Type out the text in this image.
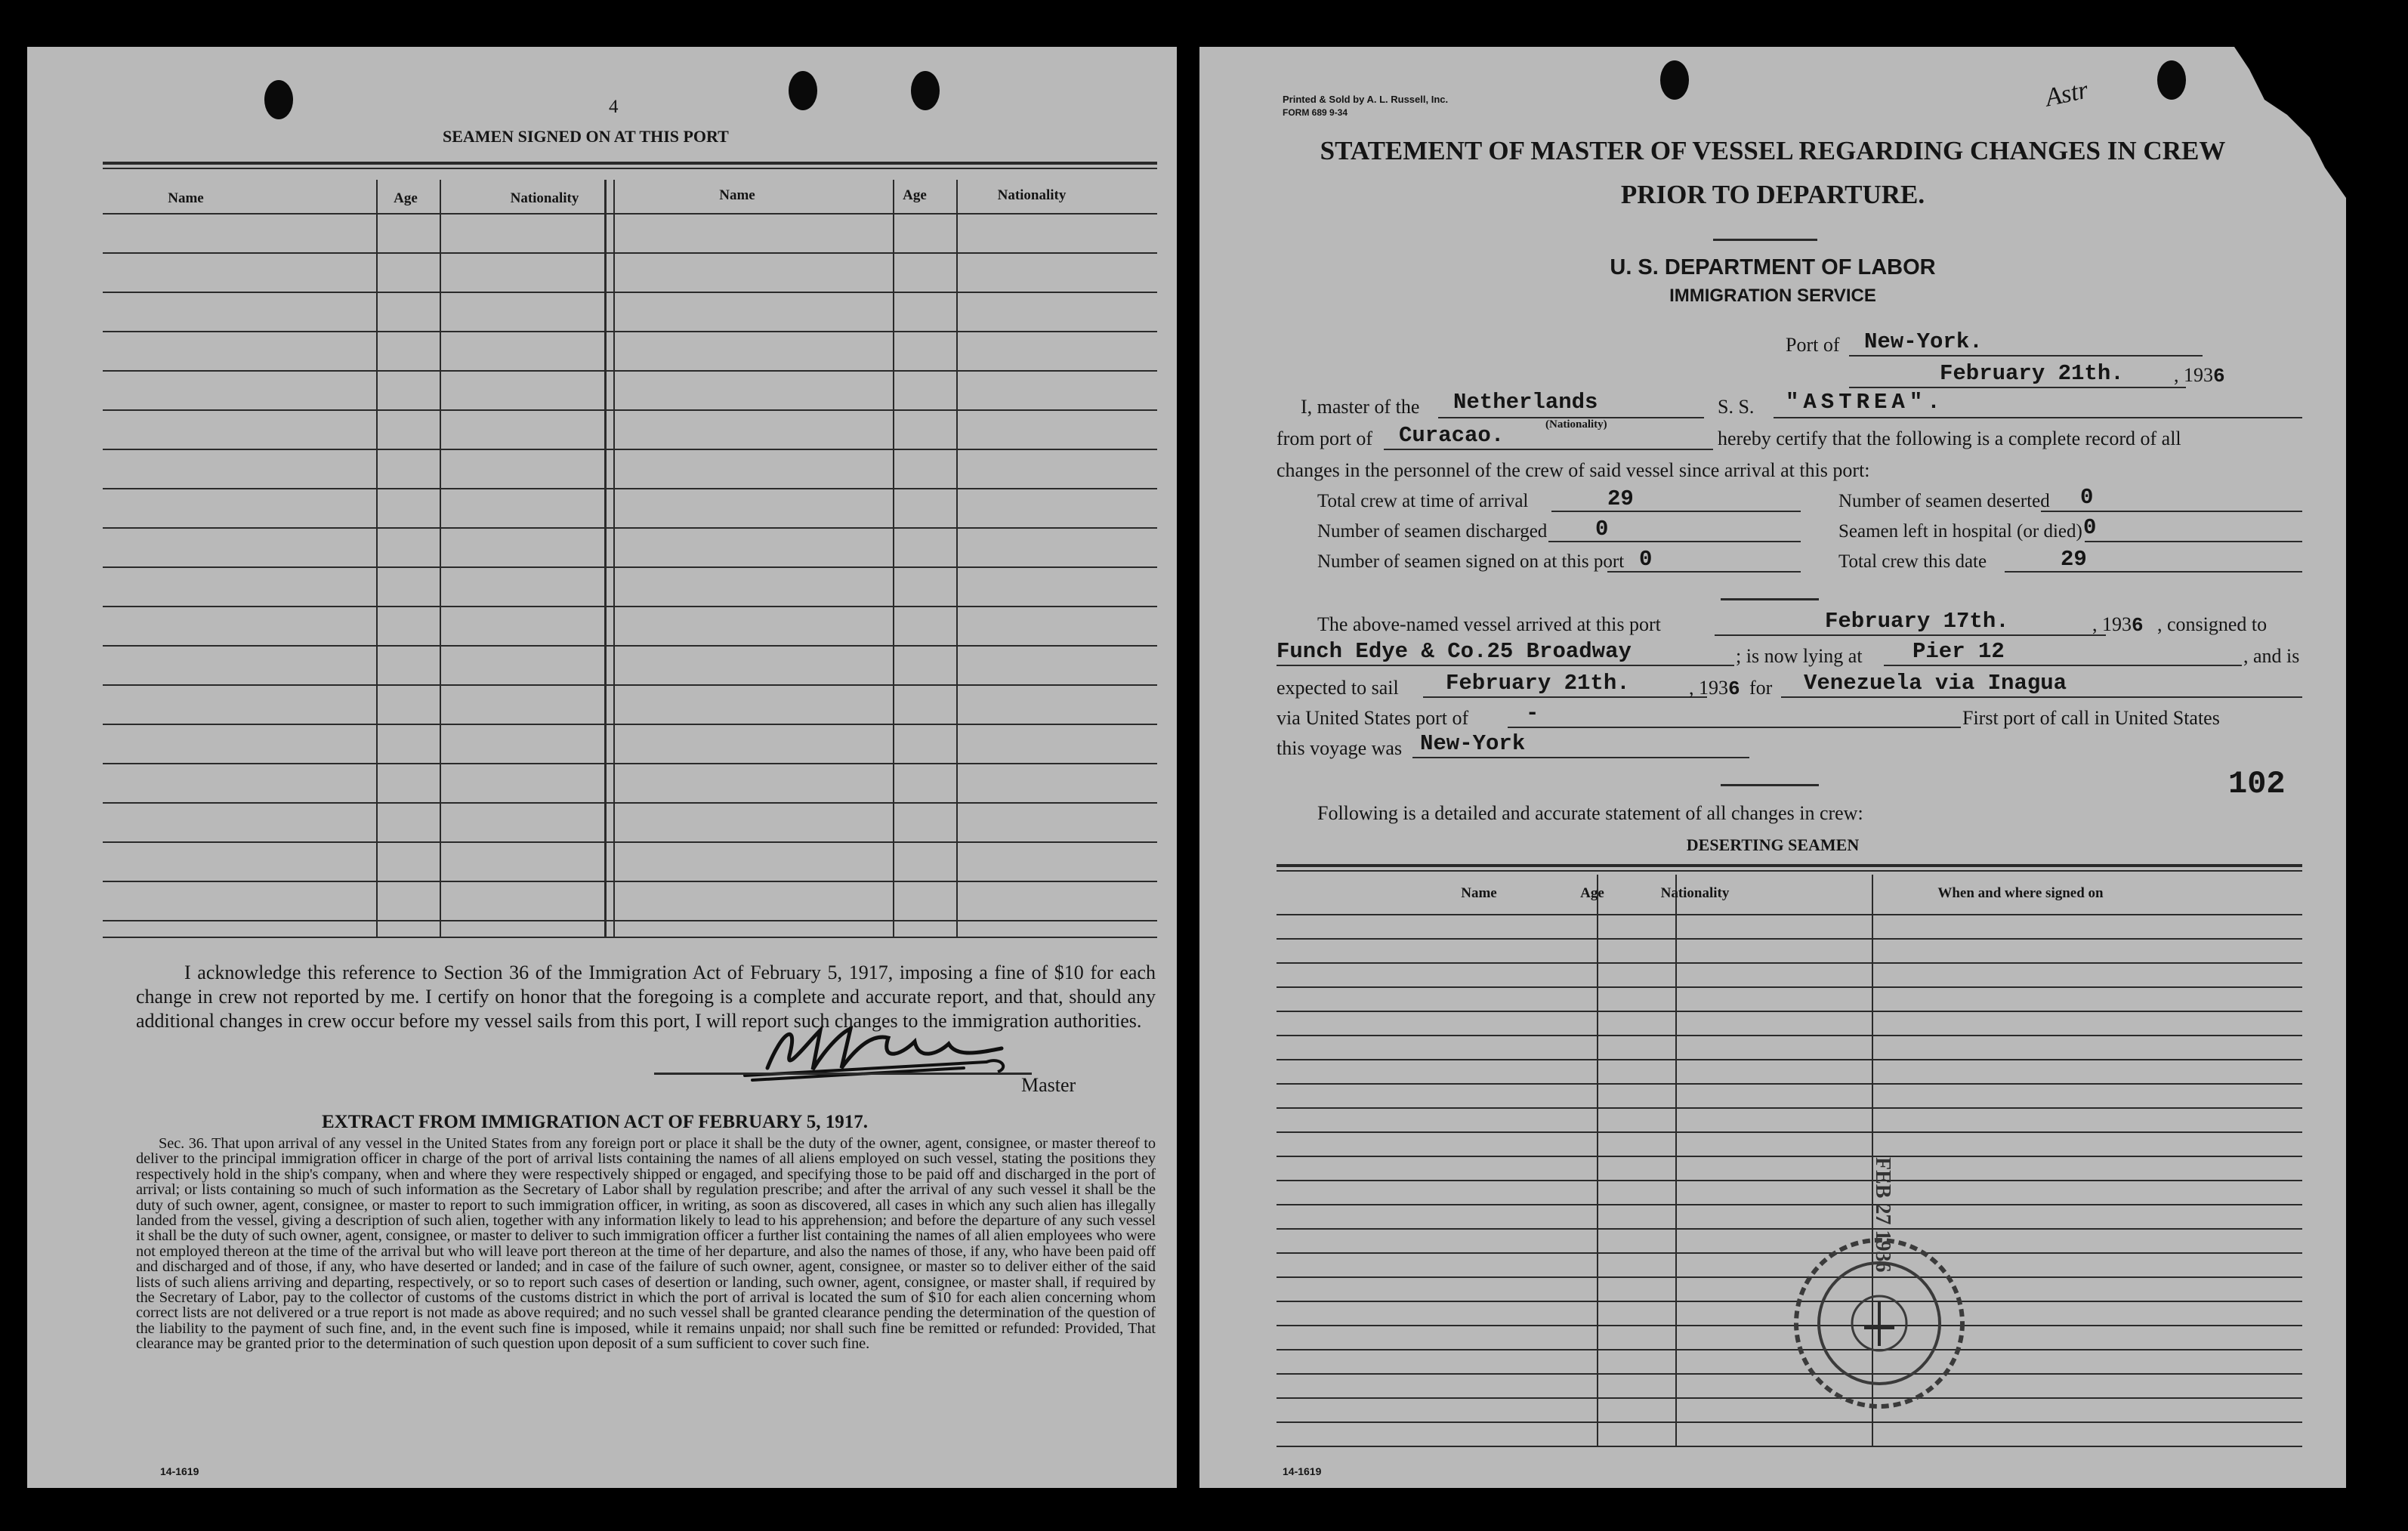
4
SEAMEN SIGNED ON AT THIS PORT
Name	Age	Nationality	Name	Age	Nationality

I acknowledge this reference to Section 36 of the Immigration Act of February 5, 1917, imposing a fine of $10 for each change in crew not reported by me. I certify on honor that the foregoing is a complete and accurate report, and that, should any additional changes in crew occur before my vessel sails from this port, I will report such changes to the immigration authorities.

Master
EXTRACT FROM IMMIGRATION ACT OF FEBRUARY 5, 1917.

Sec. 36. That upon arrival of any vessel in the United States from any foreign port or place it shall be the duty of the owner, agent, consignee, or master thereof to deliver to the principal immigration officer in charge of the port of arrival lists containing the names of all aliens employed on such vessel, stating the positions they respectively hold in the ship's company, when and where they were respectively shipped or engaged, and specifying those to be paid off and discharged in the port of arrival; or lists containing so much of such information as the Secretary of Labor shall by regulation prescribe; and after the arrival of any such vessel it shall be the duty of such owner, agent, consignee, or master to report to such immigration officer, in writing, as soon as discovered, all cases in which any such alien has illegally landed from the vessel, giving a description of such alien, together with any information likely to lead to his apprehension; and before the departure of any such vessel it shall be the duty of such owner, agent, consignee, or master to deliver to such immigration officer a further list containing the names of all alien employees who were not employed thereon at the time of the arrival but who will leave port thereon at the time of her departure, and also the names of those, if any, who have been paid off and discharged and of those, if any, who have deserted or landed; and in case of the failure of such owner, agent, consignee, or master so to deliver either of the said lists of such aliens arriving and departing, respectively, or so to report such cases of desertion or landing, such owner, agent, consignee, or master shall, if required by the Secretary of Labor, pay to the collector of customs of the customs district in which the port of arrival is located the sum of $10 for each alien concerning whom correct lists are not delivered or a true report is not made as above required; and no such vessel shall be granted clearance pending the determination of the question of the liability to the payment of such fine, and, in the event such fine is imposed, while it remains unpaid; nor shall such fine be remitted or refunded: Provided, That clearance may be granted prior to the determination of such question upon deposit of a sum sufficient to cover such fine.

14-1619
Printed & Sold by A. L. Russell, Inc.
FORM 689 9-34
Astr
STATEMENT OF MASTER OF VESSEL REGARDING CHANGES IN CREW
PRIOR TO DEPARTURE.
U. S. DEPARTMENT OF LABOR
IMMIGRATION SERVICE
Port of New-York.
February 21th.	, 1936
I, master of the Netherlands
(Nationality)
S. S. "ASTREA".
from port of Curacao.	hereby certify that the following is a complete record of all
changes in the personnel of the crew of said vessel since arrival at this port:
Total crew at time of arrival	29	Number of seamen deserted 0
Number of seamen discharged 0	Seamen left in hospital (or died) 0
Number of seamen signed on at this port 0	Total crew this date	29
The above-named vessel arrived at this port	February 17th.	, 1936 , consigned to
Funch Edye & Co.25 Broadway	; is now lying at Pier 12	, and is
expected to sail February 21th.	, 1936 for Venezuela via Inagua
via United States port of	-	First port of call in United States
this voyage was New-York
102
Following is a detailed and accurate statement of all changes in crew:
DESERTING SEAMEN
Name	Age	Nationality	When and where signed on
FEB 27 1936
14-1619
